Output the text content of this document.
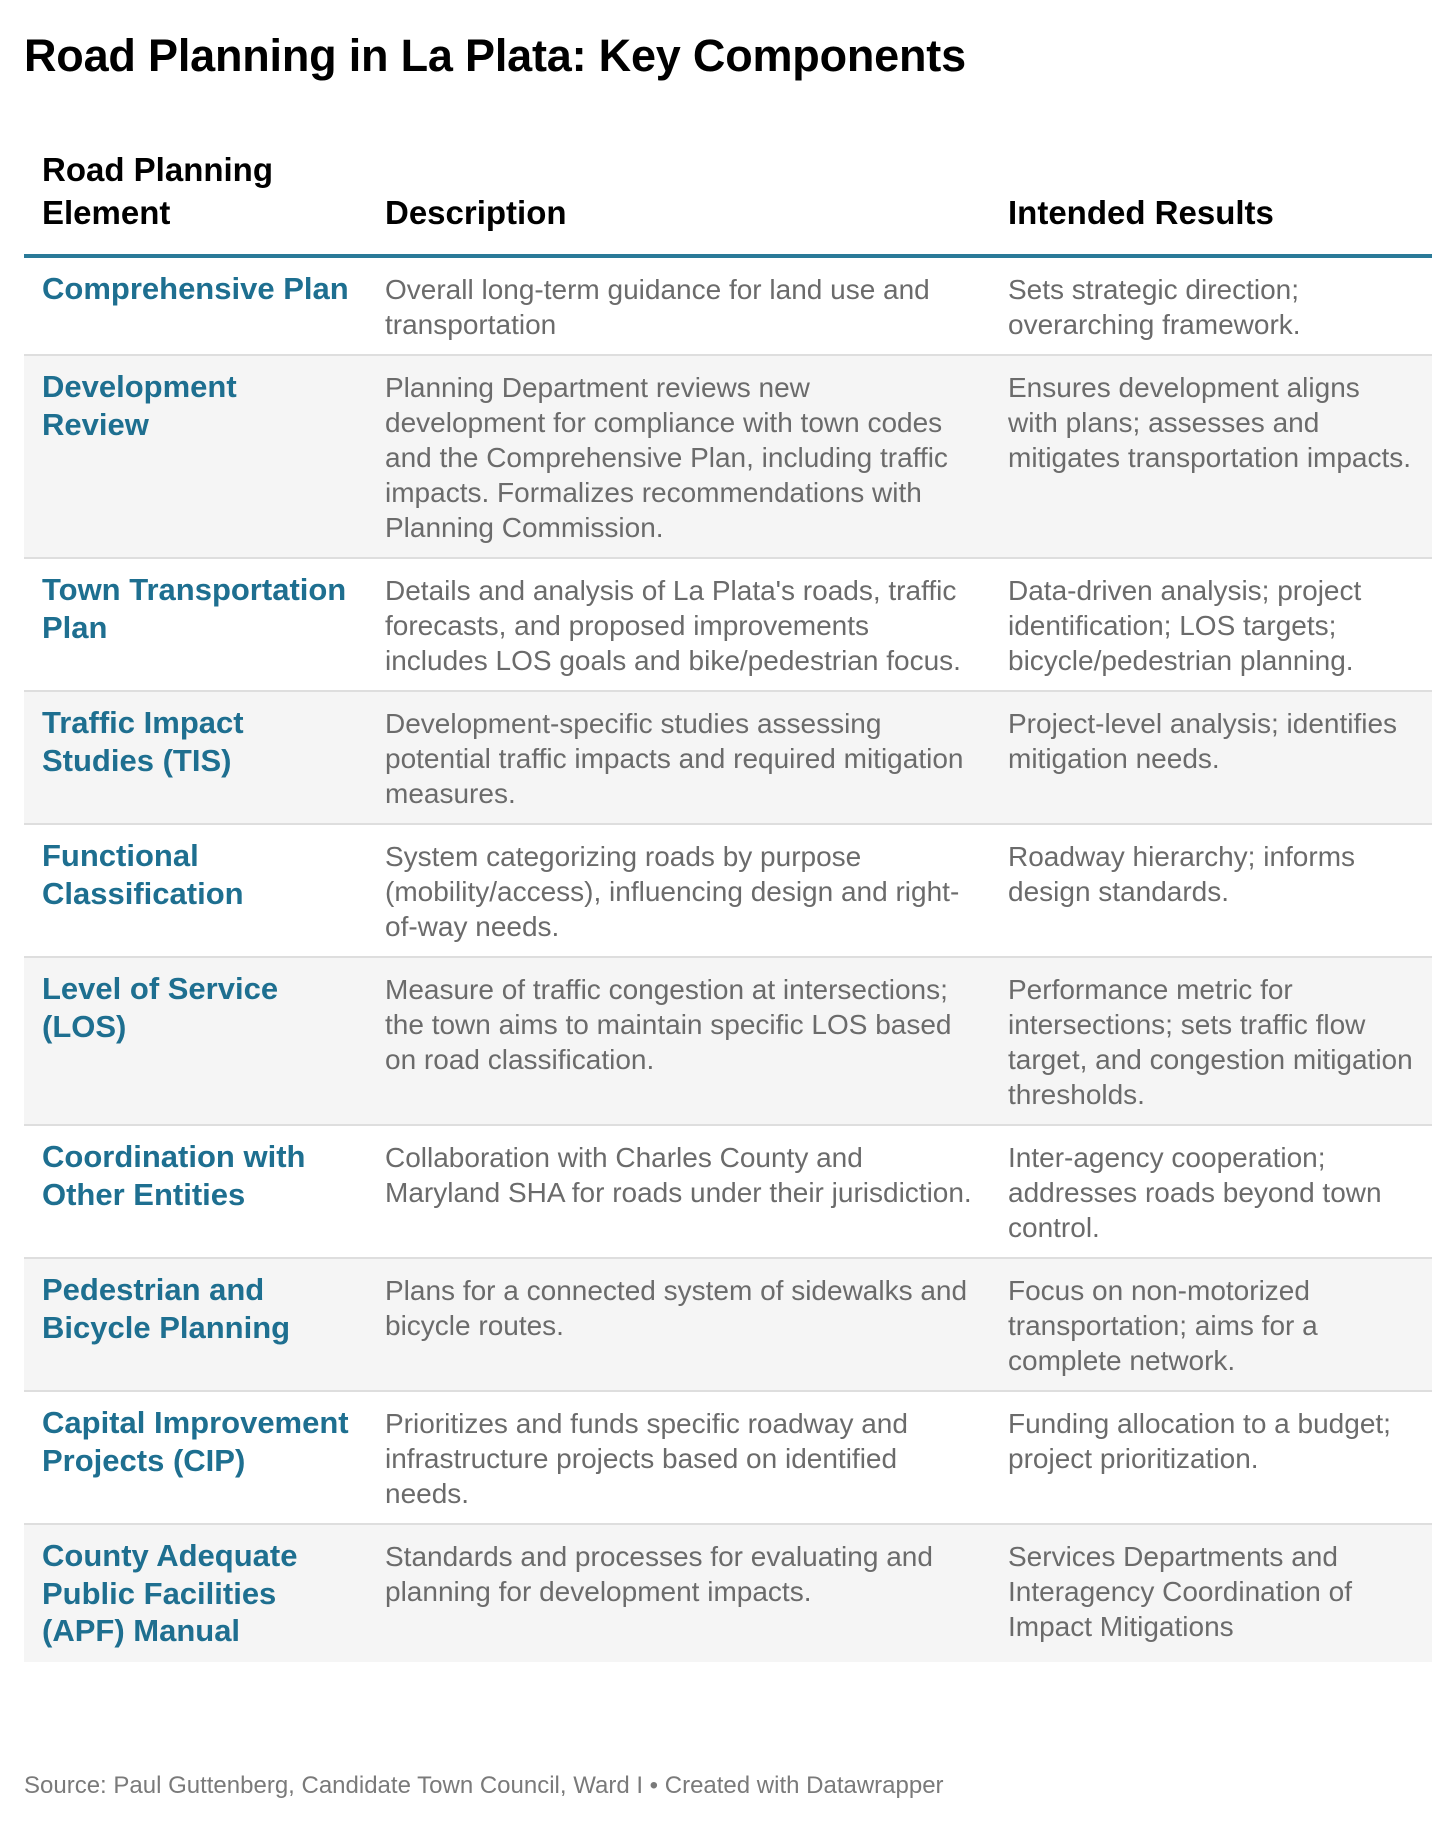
Road Planning in La Plata: Key Components
Road Planning Element	Description	Intended Results
Comprehensive Plan	Overall long-term guidance for land use and transportation	Sets strategic direction; overarching framework.
Development Review	Planning Department reviews new development for compliance with town codes and the Comprehensive Plan, including traffic impacts. Formalizes recommendations with Planning Commission.	Ensures development aligns with plans; assesses and mitigates transportation impacts.
Town Transportation Plan	Details and analysis of La Plata's roads, traffic forecasts, and proposed improvements includes LOS goals and bike/pedestrian focus.	Data-driven analysis; project identification; LOS targets; bicycle/pedestrian planning.
Traffic Impact Studies (TIS)	Development-specific studies assessing potential traffic impacts and required mitigation measures.	Project-level analysis; identifies mitigation needs.
Functional Classification	System categorizing roads by purpose (mobility/access), influencing design and right-of-way needs.	Roadway hierarchy; informs design standards.
Level of Service (LOS)	Measure of traffic congestion at intersections; the town aims to maintain specific LOS based on road classification.	Performance metric for intersections; sets traffic flow target, and congestion mitigation thresholds.
Coordination with Other Entities	Collaboration with Charles County and Maryland SHA for roads under their jurisdiction.	Inter-agency cooperation; addresses roads beyond town control.
Pedestrian and Bicycle Planning	Plans for a connected system of sidewalks and bicycle routes.	Focus on non-motorized transportation; aims for a complete network.
Capital Improvement Projects (CIP)	Prioritizes and funds specific roadway and infrastructure projects based on identified needs.	Funding allocation to a budget; project prioritization.
County Adequate Public Facilities (APF) Manual	Standards and processes for evaluating and planning for development impacts.	Services Departments and Interagency Coordination of Impact Mitigations
Source: Paul Guttenberg, Candidate Town Council, Ward I • Created with Datawrapper
